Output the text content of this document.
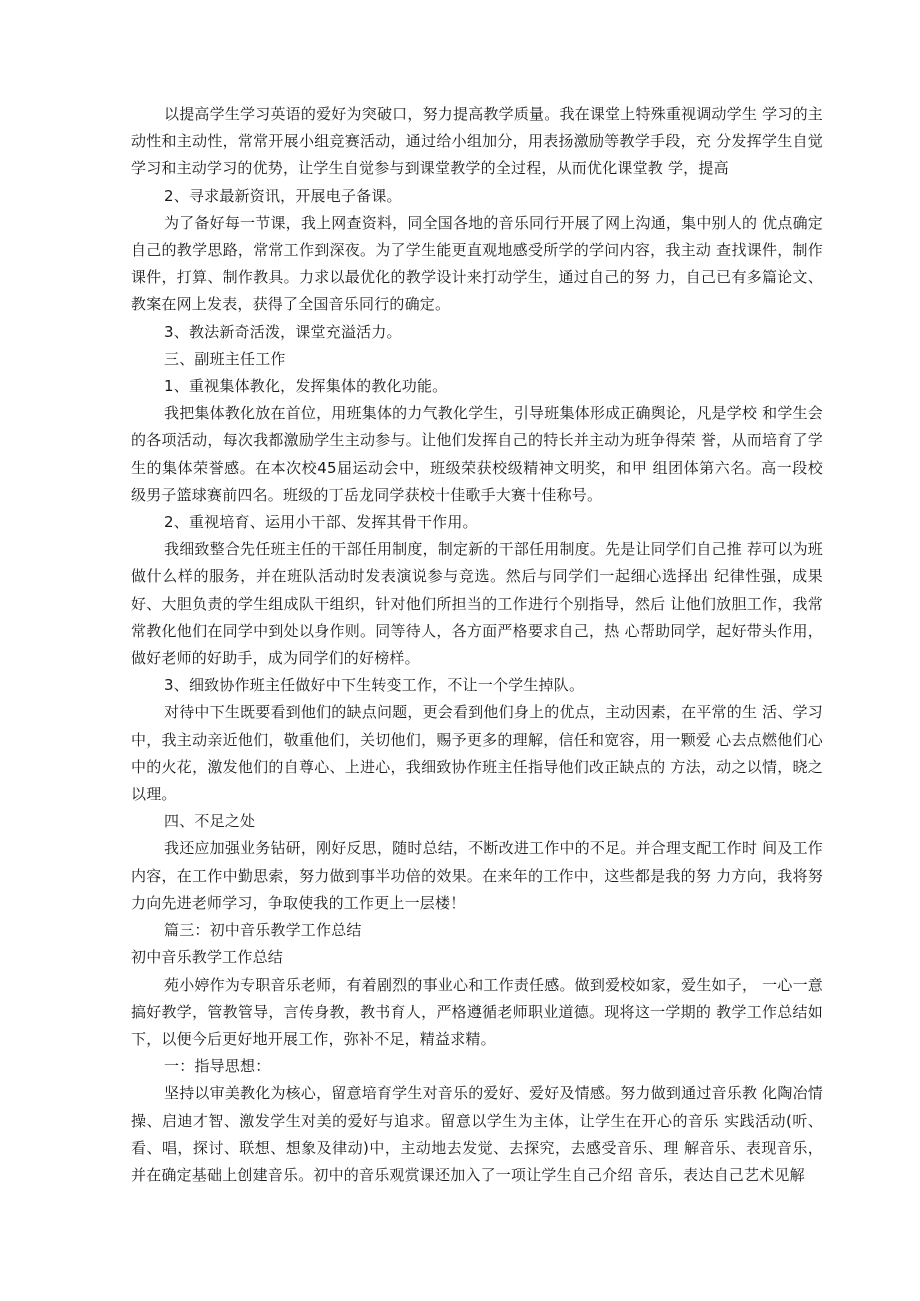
以提高学生学习英语的爱好为突破口，努力提高教学质量。我在课堂上特殊重视调动学生 学习的主动性和主动性，常常开展小组竞赛活动，通过给小组加分，用表扬激励等教学手段，充 分发挥学生自觉学习和主动学习的优势，让学生自觉参与到课堂教学的全过程，从而优化课堂教 学，提高

2、寻求最新资讯，开展电子备课。

为了备好每一节课，我上网查资料，同全国各地的音乐同行开展了网上沟通，集中别人的 优点确定自己的教学思路，常常工作到深夜。为了学生能更直观地感受所学的学问内容，我主动 查找课件，制作课件，打算、制作教具。力求以最优化的教学设计来打动学生，通过自己的努 力，自己已有多篇论文、教案在网上发表，获得了全国音乐同行的确定。

3、教法新奇活泼，课堂充溢活力。

三、副班主任工作

1、重视集体教化，发挥集体的教化功能。

我把集体教化放在首位，用班集体的力气教化学生，引导班集体形成正确舆论，凡是学校 和学生会的各项活动，每次我都激励学生主动参与。让他们发挥自己的特长并主动为班争得荣 誉，从而培育了学生的集体荣誉感。在本次校45届运动会中，班级荣获校级精神文明奖，和甲 组团体第六名。高一段校级男子篮球赛前四名。班级的丁岳龙同学获校十佳歌手大赛十佳称号。

2、重视培育、运用小干部、发挥其骨干作用。

我细致整合先任班主任的干部任用制度，制定新的干部任用制度。先是让同学们自己推 荐可以为班做什么样的服务，并在班队活动时发表演说参与竞选。然后与同学们一起细心选择出 纪律性强，成果好、大胆负责的学生组成队干组织，针对他们所担当的工作进行个别指导，然后 让他们放胆工作，我常常教化他们在同学中到处以身作则。同等待人，各方面严格要求自己，热 心帮助同学，起好带头作用，做好老师的好助手，成为同学们的好榜样。

3、细致协作班主任做好中下生转变工作，不让一个学生掉队。

对待中下生既要看到他们的缺点问题，更会看到他们身上的优点，主动因素，在平常的生 活、学习中，我主动亲近他们，敬重他们，关切他们，赐予更多的理解，信任和宽容，用一颗爱 心去点燃他们心中的火花，激发他们的自尊心、上进心，我细致协作班主任指导他们改正缺点的 方法，动之以情，晓之以理。

四、不足之处

我还应加强业务钻研，刚好反思，随时总结，不断改进工作中的不足。并合理支配工作时 间及工作内容，在工作中勤思索，努力做到事半功倍的效果。在来年的工作中，这些都是我的努 力方向，我将努力向先进老师学习，争取使我的工作更上一层楼！

篇三：初中音乐教学工作总结

初中音乐教学工作总结

苑小婷作为专职音乐老师，有着剧烈的事业心和工作责任感。做到爱校如家，爱生如子， 一心一意搞好教学，管教管导，言传身教，教书育人，严格遵循老师职业道德。现将这一学期的 教学工作总结如下，以便今后更好地开展工作，弥补不足，精益求精。

一：指导思想：

坚持以审美教化为核心，留意培育学生对音乐的爱好、爱好及情感。努力做到通过音乐教 化陶冶情操、启迪才智、激发学生对美的爱好与追求。留意以学生为主体，让学生在开心的音乐 实践活动(听、看、唱，探讨、联想、想象及律动)中，主动地去发觉、去探究，去感受音乐、理 解音乐、表现音乐，并在确定基础上创建音乐。初中的音乐观赏课还加入了一项让学生自己介绍 音乐，表达自己艺术见解
